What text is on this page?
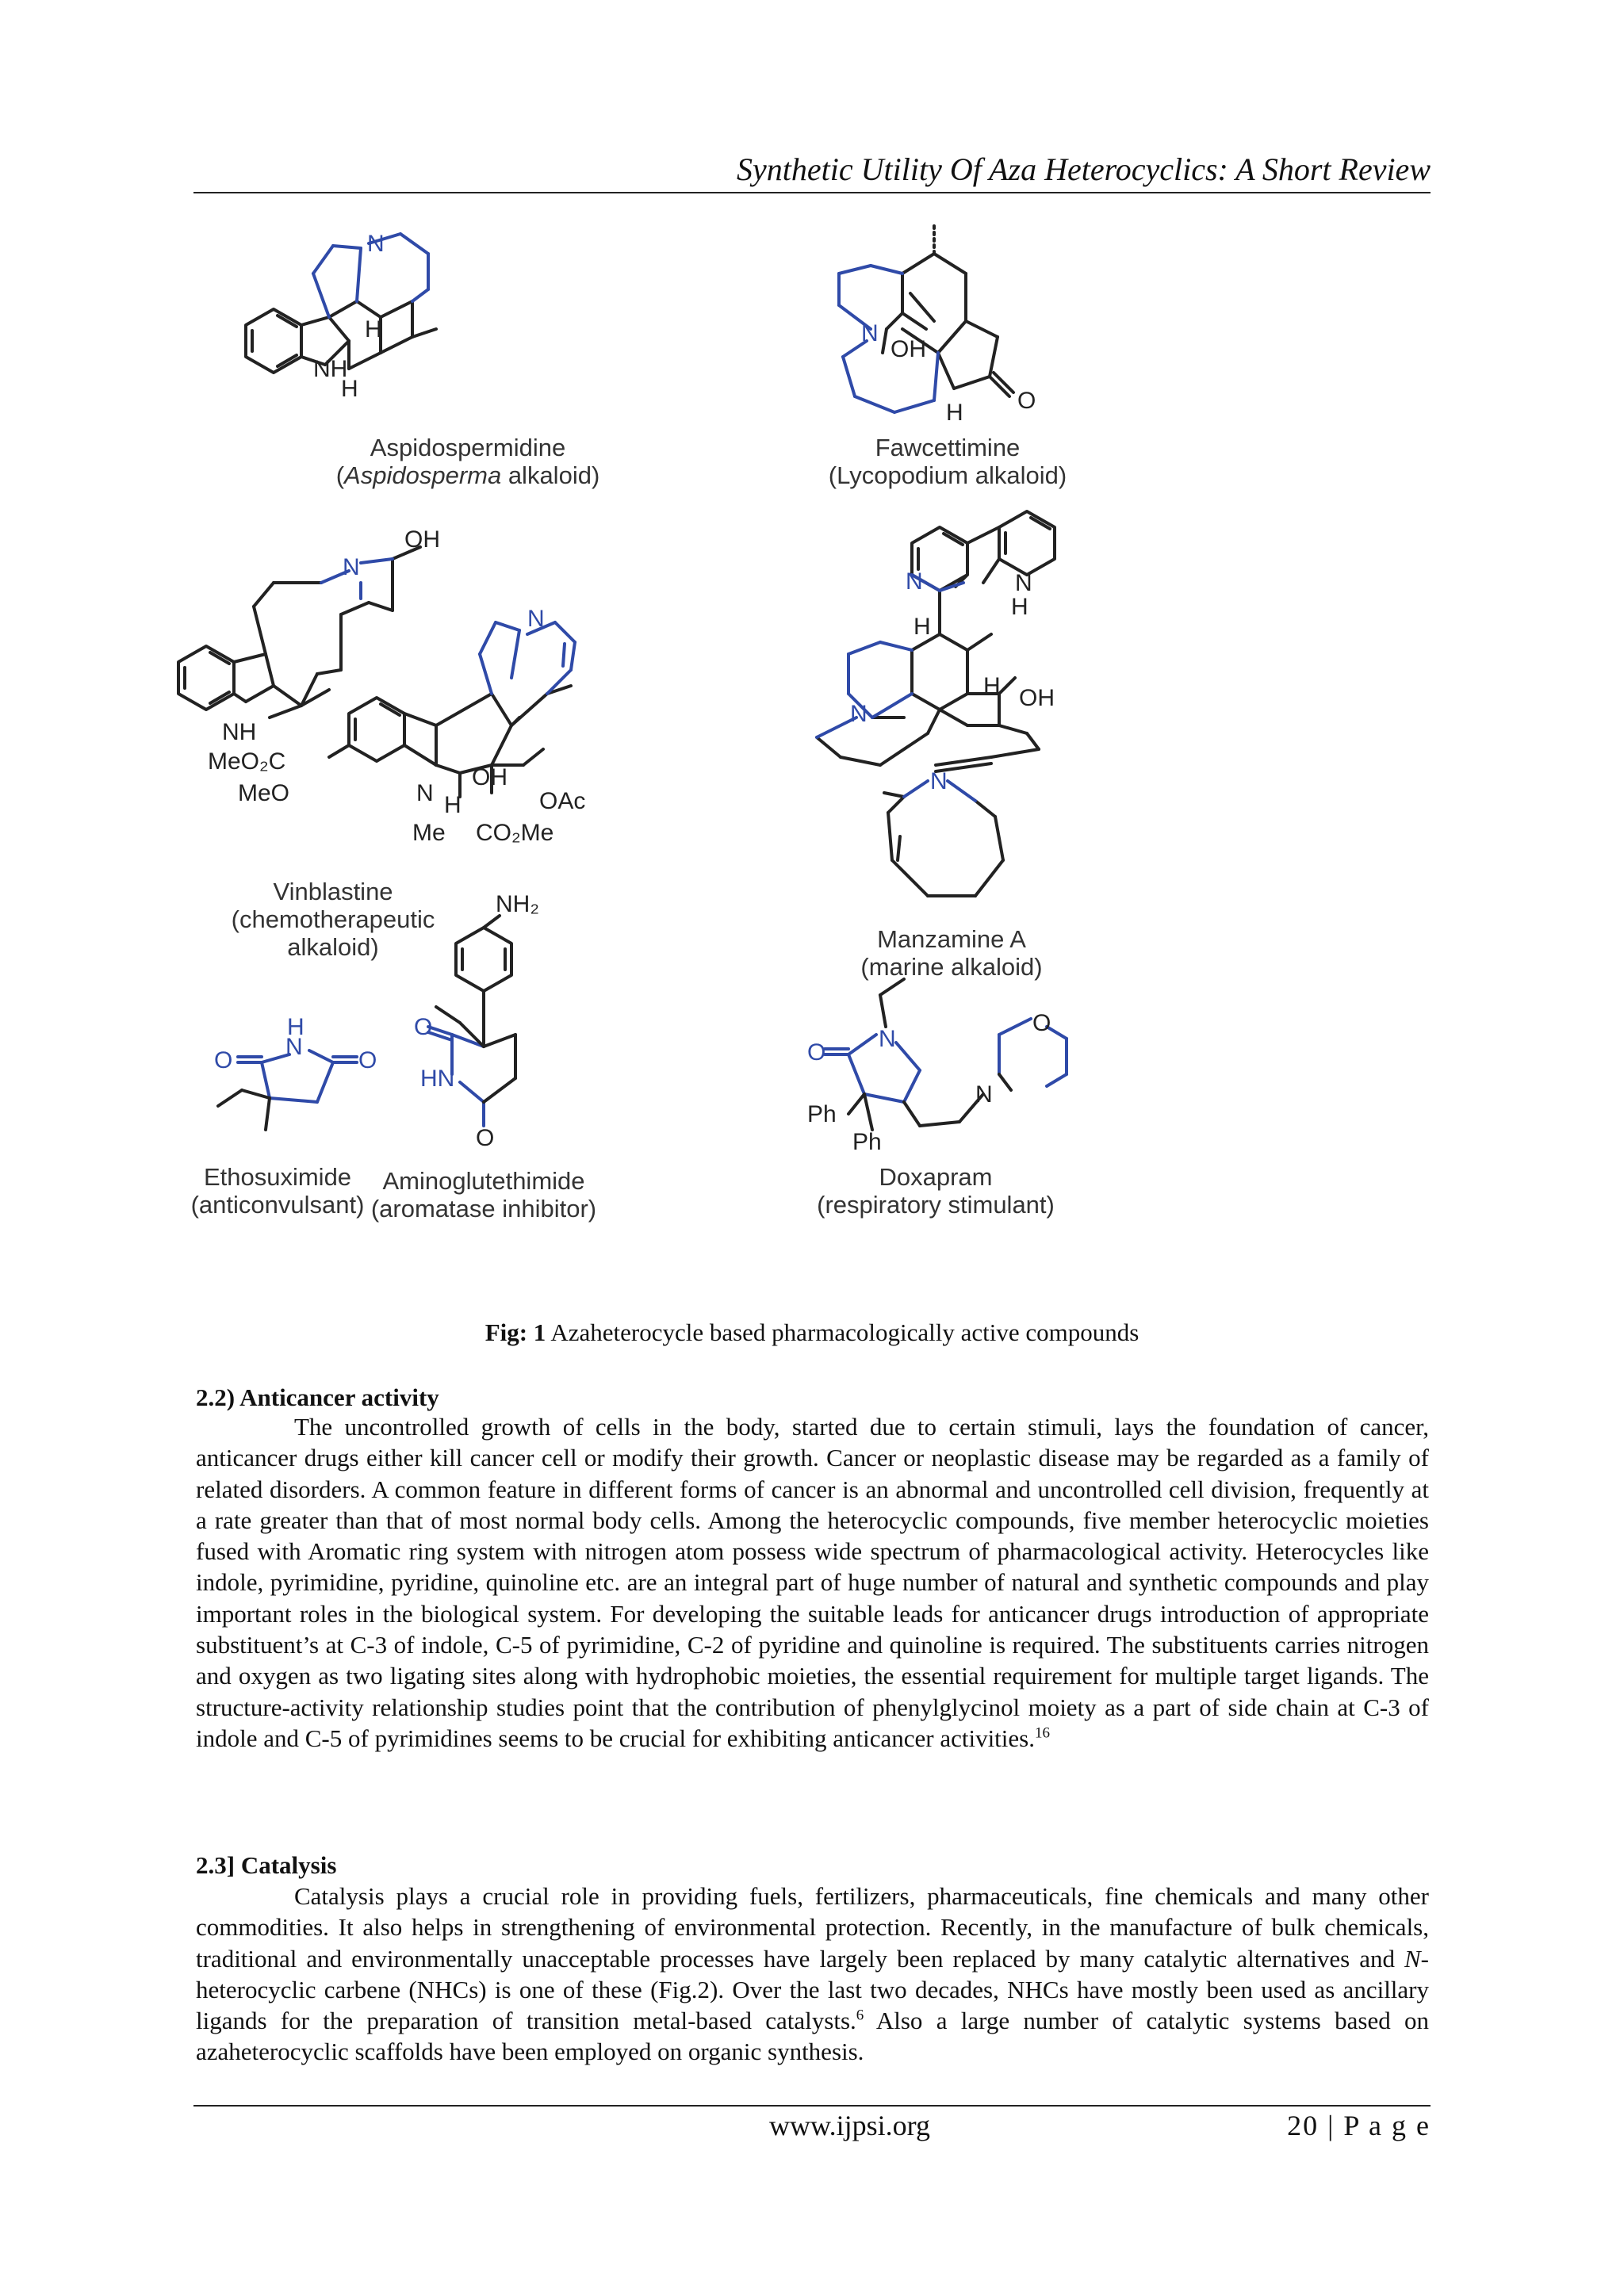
Synthetic Utility Of Aza Heterocyclics: A Short Review
N
NH
H
H
Aspidospermidine
(Aspidosperma alkaloid)
N
OH
O
H
Fawcettimine
(Lycopodium alkaloid)
N
OH
NH
MeO₂C
MeO	N
Me
H
N
OH
OAc
CO₂Me
Vinblastine
(chemotherapeutic
alkaloid)
N	N
H
H
H OH
N
N
Manzamine A
(marine alkaloid)
N
H
O	O
Ethosuximide
(anticonvulsant)
O
HN
O
NH₂
Aminoglutethimide
(aromatase inhibitor)
N
O
N
O
Ph
Ph
Doxapram
(respiratory stimulant)
Fig: 1 Azaheterocycle based pharmacologically active compounds
2.2) Anticancer activity

The uncontrolled growth of cells in the body, started due to certain stimuli, lays the foundation of cancer, anticancer drugs either kill cancer cell or modify their growth. Cancer or neoplastic disease may be regarded as a family of related disorders. A common feature in different forms of cancer is an abnormal and uncontrolled cell division, frequently at a rate greater than that of most normal body cells. Among the heterocyclic compounds, five member heterocyclic moieties fused with Aromatic ring system with nitrogen atom possess wide spectrum of pharmacological activity. Heterocycles like indole, pyrimidine, pyridine, quinoline etc. are an integral part of huge number of natural and synthetic compounds and play important roles in the biological system. For developing the suitable leads for anticancer drugs introduction of appropriate substituent’s at C-3 of indole, C-5 of pyrimidine, C-2 of pyridine and quinoline is required. The substituents carries nitrogen and oxygen as two ligating sites along with hydrophobic moieties, the essential requirement for multiple target ligands. The structure-activity relationship studies point that the contribution of phenylglycinol moiety as a part of side chain at C-3 of indole and C-5 of pyrimidines seems to be crucial for exhibiting anticancer activities.$^{16}$

2.3] Catalysis

Catalysis plays a crucial role in providing fuels, fertilizers, pharmaceuticals, fine chemicals and many other commodities. It also helps in strengthening of environmental protection. Recently, in the manufacture of bulk chemicals, traditional and environmentally unacceptable processes have largely been replaced by many catalytic alternatives and N-heterocyclic carbene (NHCs) is one of these (Fig.2). Over the last two decades, NHCs have mostly been used as ancillary ligands for the preparation of transition metal-based catalysts.$^6$ Also a large number of catalytic systems based on azaheterocyclic scaffolds have been employed on organic synthesis.

www.ijpsi.org	20 | P a g e
